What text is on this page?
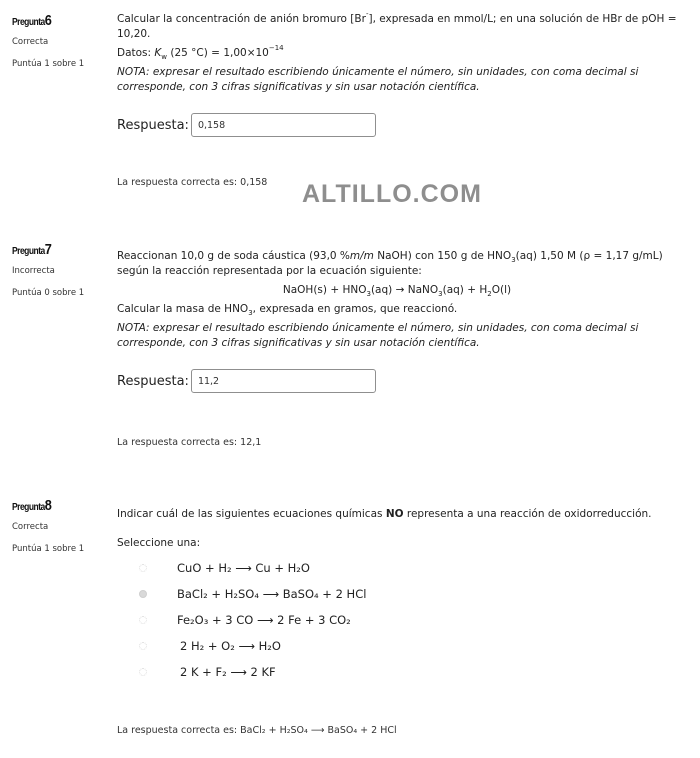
Pregunta6
Correcta
Puntúa 1 sobre 1

Calcular la concentración de anión bromuro [Br-], expresada en mmol/L; en una solución de HBr de pOH = 10,20.

Datos: $K_w$ (25 $^\circ C) = 1,00\times 10^{-14}$

NOTA: expresar el resultado escribiendo únicamente el número, sin unidades, con coma decimal si corresponde, con 3 cifras significativas y sin usar notación científica.

Respuesta:
0,158

La respuesta correcta es: 0,158	ALTILLO.COM
Pregunta7
Incorrecta
Puntúa 0 sobre 1

Reaccionan 10,0 g de soda cáustica (93,0 %m/m NaOH) con 150 g de $HNO_3(aq)$ 1,50 M (ρ = 1,17 g/mL) según la reacción representada por la ecuación siguiente:

NaOH(s) + $HNO_3(aq)$ → NaNO$_3$(aq) + $H_2O(l)$

Calcular la masa de $HNO_3$, expresada en gramos, que reaccionó.

NOTA: expresar el resultado escribiendo únicamente el número, sin unidades, con coma decimal si corresponde, con 3 cifras significativas y sin usar notación científica.

Respuesta:
11,2

La respuesta correcta es: 12,1

Pregunta8
Correcta
Puntúa 1 sobre 1

Indicar cuál de las siguientes ecuaciones químicas NO representa a una reacción de oxidorreducción.

Seleccione una:

CuO + H₂ ⟶ Cu + H₂O
BaCl₂ + H₂SO₄ ⟶ BaSO₄ + 2 HCl
Fe₂O₃ + 3 CO ⟶ 2 Fe + 3 CO₂
2 H₂ + O₂ ⟶ H₂O
2 K + F₂ ⟶ 2 KF

La respuesta correcta es: BaCl₂ + H₂SO₄ ⟶ BaSO₄ + 2 HCl
